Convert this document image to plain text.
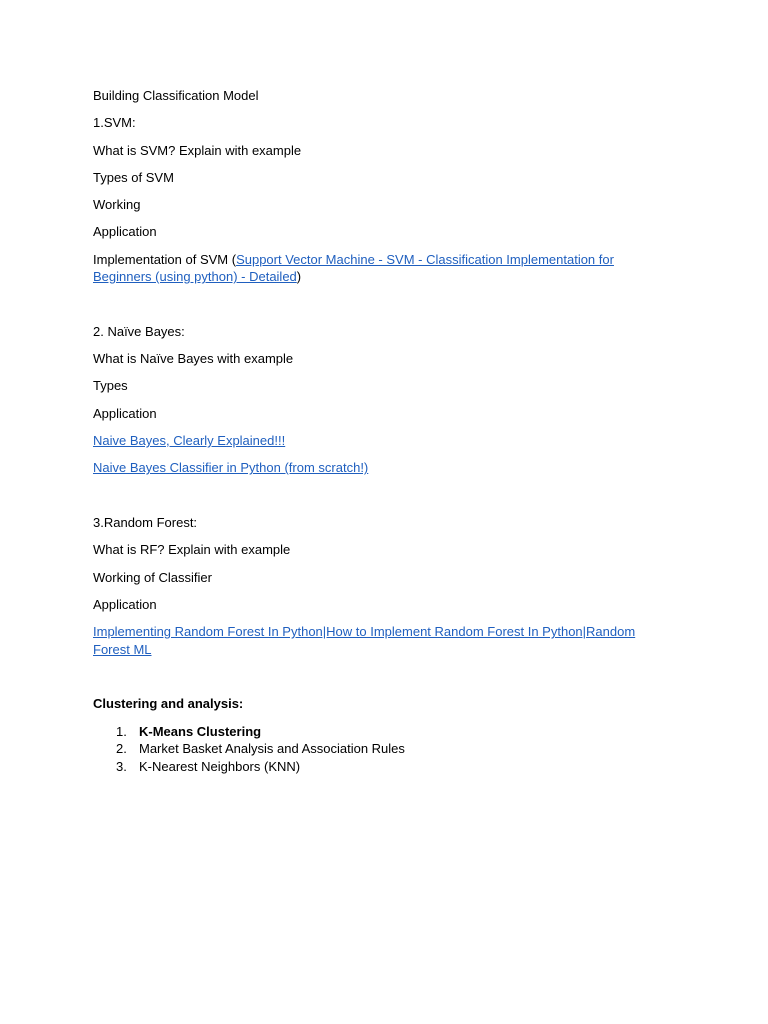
Building Classification Model

1.SVM:

What is SVM? Explain with example

Types of SVM

Working

Application

Implementation of SVM (Support Vector Machine - SVM - Classification Implementation for
Beginners (using python) - Detailed)

2. Naïve Bayes:

What is Naïve Bayes with example

Types

Application

Naive Bayes, Clearly Explained!!!

Naive Bayes Classifier in Python (from scratch!)

3.Random Forest:

What is RF? Explain with example

Working of Classifier

Application

Implementing Random Forest In Python|How to Implement Random Forest In Python|Random
Forest ML

Clustering and analysis:

1. K-Means Clustering
2. Market Basket Analysis and Association Rules
3. K-Nearest Neighbors (KNN)
